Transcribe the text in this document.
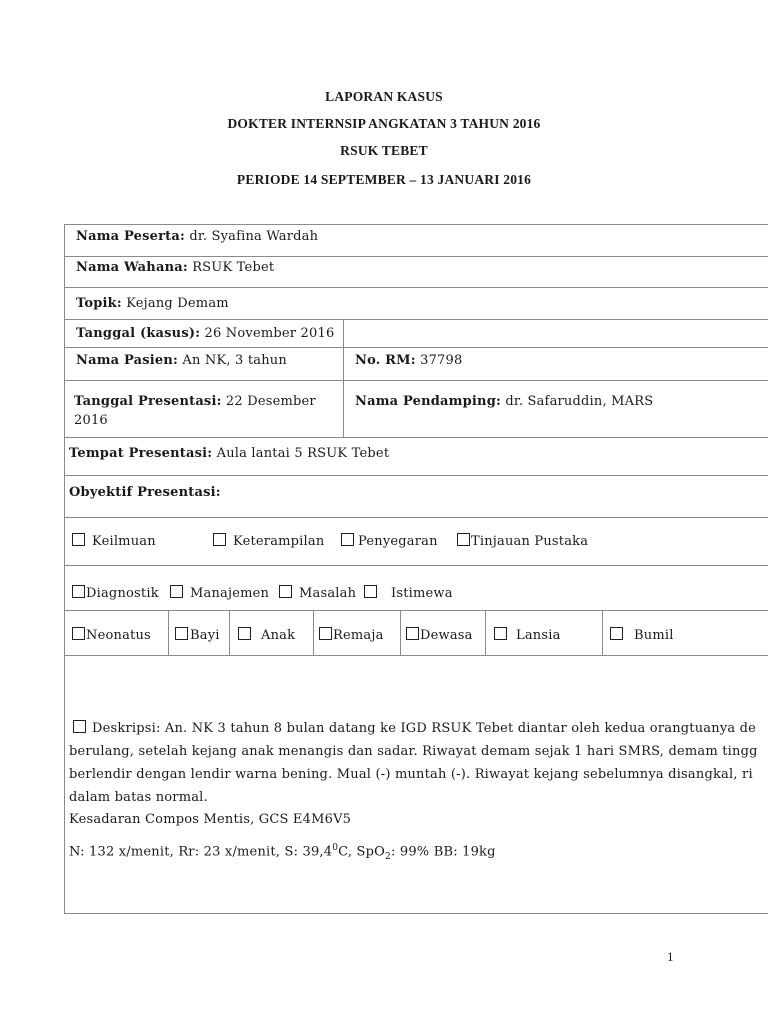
LAPORAN KASUS
DOKTER INTERNSIP ANGKATAN 3 TAHUN 2016
RSUK TEBET
PERIODE 14 SEPTEMBER – 13 JANUARI 2016
Nama Peserta: dr. Syafina Wardah
Nama Wahana: RSUK Tebet
Topik: Kejang Demam
Tanggal (kasus): 26 November 2016
Nama Pasien: An NK, 3 tahun	No. RM: 37798
Tanggal Presentasi: 22 Desember
2016
Nama Pendamping: dr. Safaruddin, MARS
Tempat Presentasi: Aula lantai 5 RSUK Tebet
Obyektif Presentasi:
Keilmuan	Keterampilan	Penyegaran	Tinjauan Pustaka
Diagnostik	Manajemen	Masalah	Istimewa
Neonatus	Bayi	Anak	Remaja	Dewasa	Lansia	Bumil
Deskripsi: An. NK 3 tahun 8 bulan datang ke IGD RSUK Tebet diantar oleh kedua orangtuanya de
berulang, setelah kejang anak menangis dan sadar. Riwayat demam sejak 1 hari SMRS, demam tingg
berlendir dengan lendir warna bening. Mual (-) muntah (-). Riwayat kejang sebelumnya disangkal, ri
dalam batas normal.
Kesadaran Compos Mentis, GCS E4M6V5
N: 132 x/menit, Rr: 23 x/menit, S: 39,4$^0$C, SpO$_2$: 99% BB: 19kg
1
